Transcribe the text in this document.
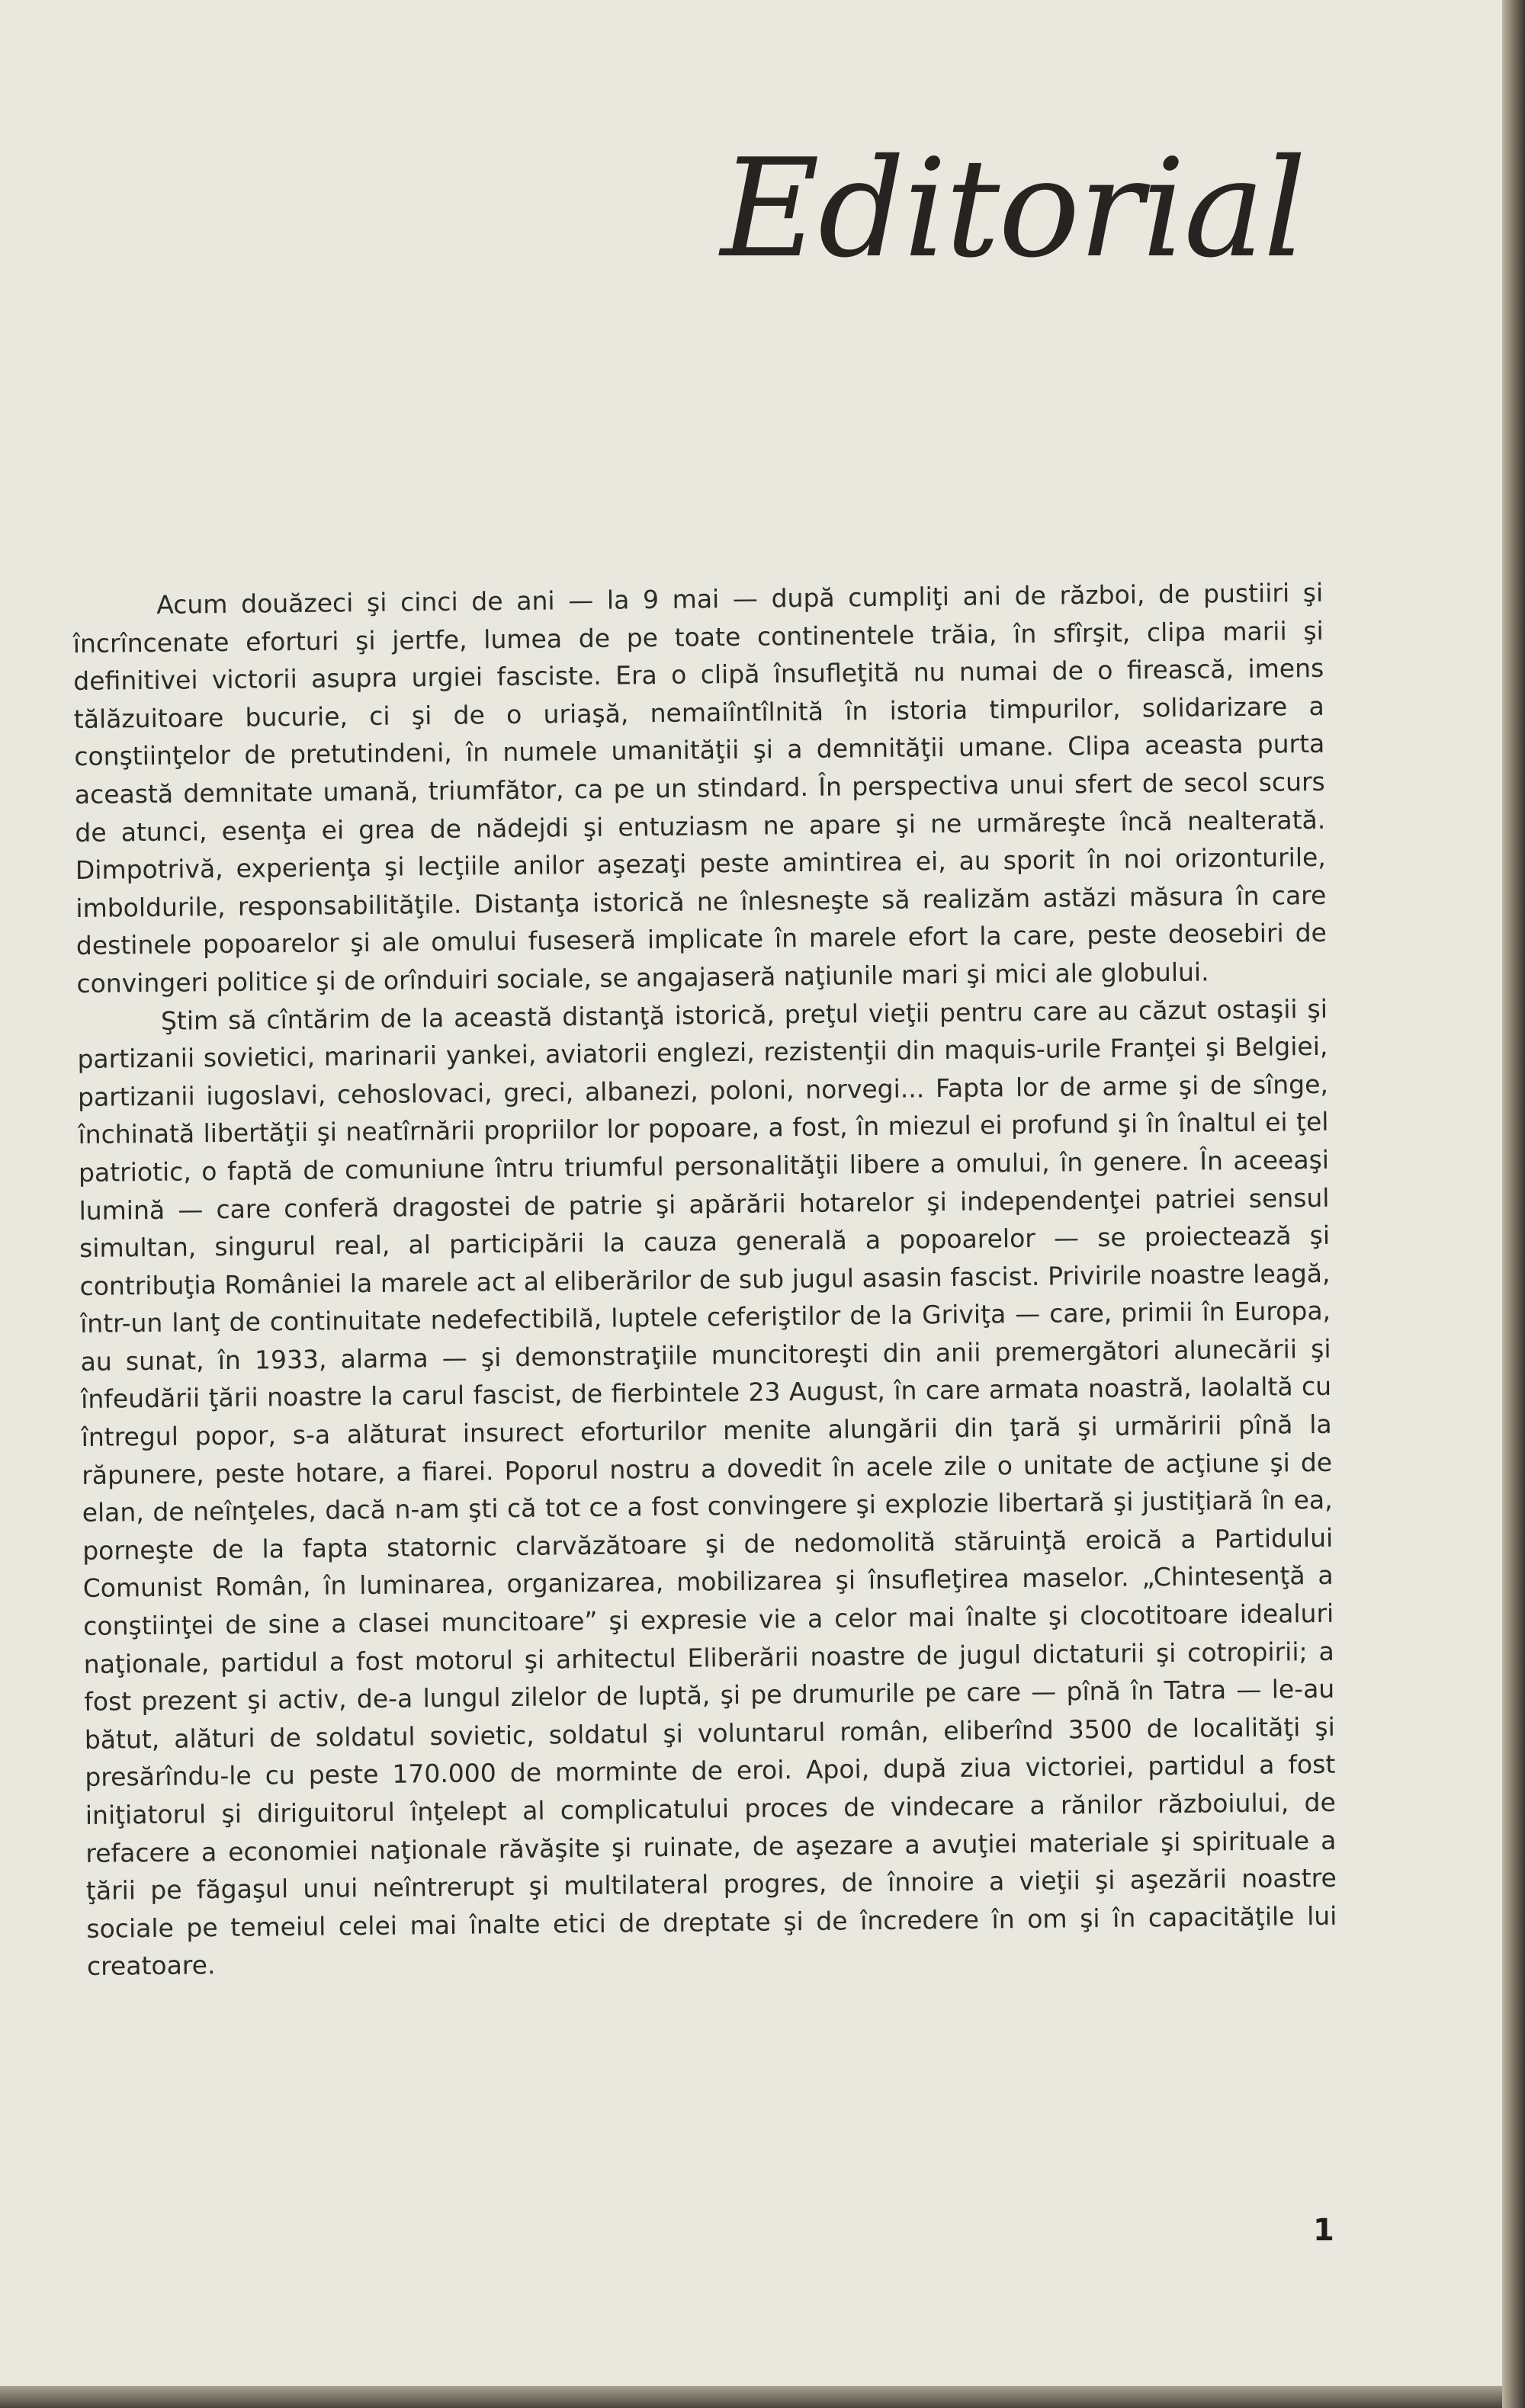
Editorial

Acum douăzeci şi cinci de ani — la 9 mai — după cumpliţi ani de război, de pustiiri şi încrîncenate eforturi şi jertfe, lumea de pe toate continentele trăia, în sfîrşit, clipa marii şi definitivei victorii asupra urgiei fasciste. Era o clipă însufleţită nu numai de o firească, imens tălăzuitoare bucurie, ci şi de o uriaşă, nemaiîntîlnită în istoria timpurilor, solidarizare a conştiinţelor de pretutindeni, în numele umanităţii şi a demnităţii umane. Clipa aceasta purta această demnitate umană, triumfător, ca pe un stindard. În perspectiva unui sfert de secol scurs de atunci, esenţa ei grea de nădejdi şi entuziasm ne apare şi ne urmăreşte încă nealterată. Dimpotrivă, experienţa şi lecţiile anilor aşezaţi peste amintirea ei, au sporit în noi orizonturile, imboldurile, responsabilităţile. Distanţa istorică ne înlesneşte să realizăm astăzi măsura în care destinele popoarelor şi ale omului fuseseră implicate în marele efort la care, peste deosebiri de convingeri politice şi de orînduiri sociale, se angajaseră naţiunile mari şi mici ale globului.

Ştim să cîntărim de la această distanţă istorică, preţul vieţii pentru care au căzut ostaşii şi partizanii sovietici, marinarii yankei, aviatorii englezi, rezistenţii din maquis-urile Franţei şi Belgiei, partizanii iugoslavi, cehoslovaci, greci, albanezi, poloni, norvegi... Fapta lor de arme şi de sînge, închinată libertăţii şi neatîrnării propriilor lor popoare, a fost, în miezul ei profund şi în înaltul ei ţel patriotic, o faptă de comuniune întru triumful personalităţii libere a omului, în genere. În aceeaşi lumină — care conferă dragostei de patrie şi apărării hotarelor şi independenţei patriei sensul simultan, singurul real, al participării la cauza generală a popoarelor — se proiectează şi contribuţia României la marele act al eliberărilor de sub jugul asasin fascist. Privirile noastre leagă, într-un lanţ de continuitate nedefectibilă, luptele ceferiştilor de la Griviţa — care, primii în Europa, au sunat, în 1933, alarma — şi demonstraţiile muncitoreşti din anii premergători alunecării şi înfeudării ţării noastre la carul fascist, de fierbintele 23 August, în care armata noastră, laolaltă cu întregul popor, s-a alăturat insurect eforturilor menite alungării din ţară şi urmăririi pînă la răpunere, peste hotare, a fiarei. Poporul nostru a dovedit în acele zile o unitate de acţiune şi de elan, de neînţeles, dacă n-am şti că tot ce a fost convingere şi explozie libertară şi justiţiară în ea, porneşte de la fapta statornic clarvăzătoare şi de nedomolită stăruinţă eroică a Partidului Comunist Român, în luminarea, organizarea, mobilizarea şi însufleţirea maselor. „Chintesenţă a conştiinţei de sine a clasei muncitoare” şi expresie vie a celor mai înalte şi clocotitoare idealuri naţionale, partidul a fost motorul şi arhitectul Eliberării noastre de jugul dictaturii şi cotropirii; a fost prezent şi activ, de-a lungul zilelor de luptă, şi pe drumurile pe care — pînă în Tatra — le-au bătut, alături de soldatul sovietic, soldatul şi voluntarul român, eliberînd 3500 de localităţi şi presărîndu-le cu peste 170.000 de morminte de eroi. Apoi, după ziua victoriei, partidul a fost iniţiatorul şi diriguitorul înţelept al complicatului proces de vindecare a rănilor războiului, de refacere a economiei naţionale răvăşite şi ruinate, de aşezare a avuţiei materiale şi spirituale a ţării pe făgaşul unui neîntrerupt şi multilateral progres, de înnoire a vieţii şi aşezării noastre sociale pe temeiul celei mai înalte etici de dreptate şi de încredere în om şi în capacităţile lui creatoare.

1
